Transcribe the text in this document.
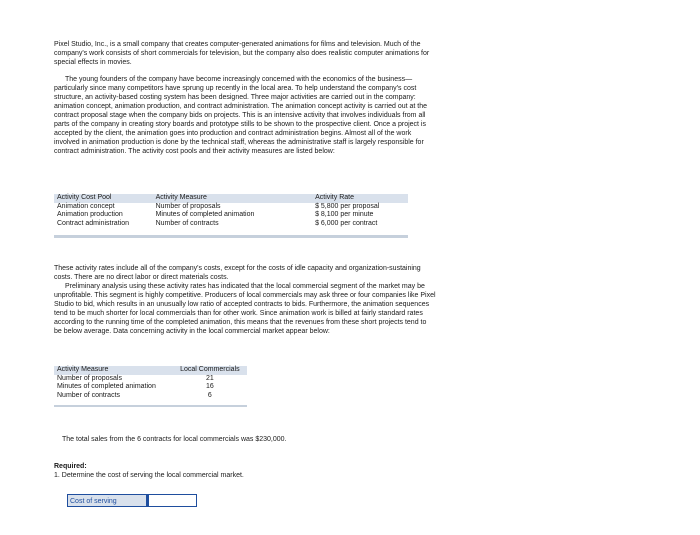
Pixel Studio, Inc., is a small company that creates computer-generated animations for films and television. Much of the company's work consists of short commercials for television, but the company also does realistic computer animations for special effects in movies.

The young founders of the company have become increasingly concerned with the economics of the business—particularly since many competitors have sprung up recently in the local area. To help understand the company's cost structure, an activity-based costing system has been designed. Three major activities are carried out in the company: animation concept, animation production, and contract administration. The animation concept activity is carried out at the contract proposal stage when the company bids on projects. This is an intensive activity that involves individuals from all parts of the company in creating story boards and prototype stills to be shown to the prospective client. Once a project is accepted by the client, the animation goes into production and contract administration begins. Almost all of the work involved in animation production is done by the technical staff, whereas the administrative staff is largely responsible for contract administration. The activity cost pools and their activity measures are listed below:

Activity Cost Pool	Activity Measure	Activity Rate
Animation concept	Number of proposals	$ 5,800 per proposal
Animation production	Minutes of completed animation	$ 8,100 per minute
Contract administration	Number of contracts	$ 6,000 per contract

These activity rates include all of the company's costs, except for the costs of idle capacity and organization-sustaining costs. There are no direct labor or direct materials costs.

Preliminary analysis using these activity rates has indicated that the local commercial segment of the market may be unprofitable. This segment is highly competitive. Producers of local commercials may ask three or four companies like Pixel Studio to bid, which results in an unusually low ratio of accepted contracts to bids. Furthermore, the animation sequences tend to be much shorter for local commercials than for other work. Since animation work is billed at fairly standard rates according to the running time of the completed animation, this means that the revenues from these short projects tend to be below average. Data concerning activity in the local commercial market appear below:

Activity Measure	Local Commercials
Number of proposals	21
Minutes of completed animation	16
Number of contracts	6

The total sales from the 6 contracts for local commercials was $230,000.

Required:
1. Determine the cost of serving the local commercial market.
Cost of serving
